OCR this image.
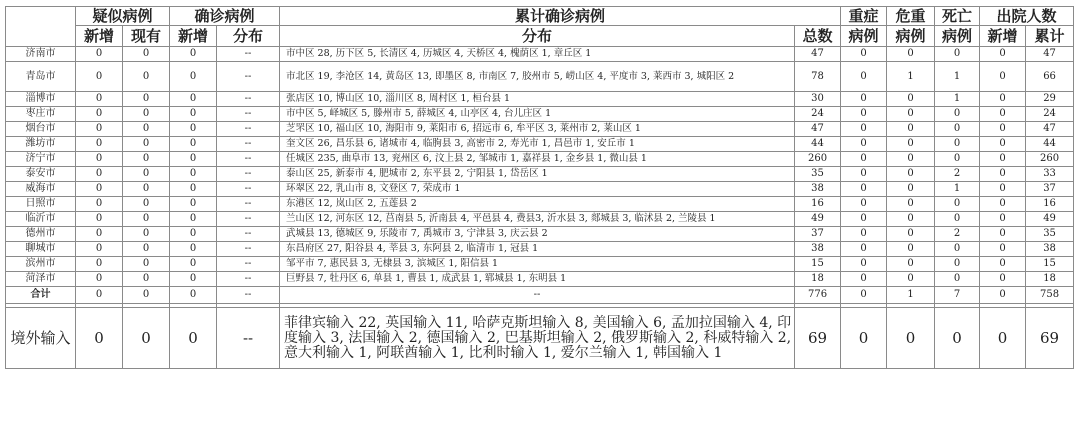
	疑似病例		确诊病例		累计确诊病例		重症	危重	死亡	出院人数	
	新增	现有	新增	分布	分布	总数	病例	病例	病例	新增	累计
济南市	0	0	0	--	市中区 28, 历下区 5, 长清区 4, 历城区 4, 天桥区 4, 槐荫区 1, 章丘区 1	47	0	0	0	0	47
青岛市	0	0	0	--	市北区 19, 李沧区 14, 黄岛区 13, 即墨区 8, 市南区 7, 胶州市 5, 崂山区 4, 平度市 3, 莱西市 3, 城阳区 2	78	0	1	1	0	66
淄博市	0	0	0	--	张店区 10, 博山区 10, 淄川区 8, 周村区 1, 桓台县 1	30	0	0	1	0	29
枣庄市	0	0	0	--	市中区 5, 峄城区 5, 滕州市 5, 薛城区 4, 山亭区 4, 台儿庄区 1	24	0	0	0	0	24
烟台市	0	0	0	--	芝罘区 10, 福山区 10, 海阳市 9, 莱阳市 6, 招远市 6, 牟平区 3, 莱州市 2, 莱山区 1	47	0	0	0	0	47
潍坊市	0	0	0	--	奎文区 26, 昌乐县 6, 诸城市 4, 临朐县 3, 高密市 2, 寿光市 1, 昌邑市 1, 安丘市 1	44	0	0	0	0	44
济宁市	0	0	0	--	任城区 235, 曲阜市 13, 兖州区 6, 汶上县 2, 邹城市 1, 嘉祥县 1, 金乡县 1, 微山县 1	260	0	0	0	0	260
泰安市	0	0	0	--	泰山区 25, 新泰市 4, 肥城市 2, 东平县 2, 宁阳县 1, 岱岳区 1	35	0	0	2	0	33
威海市	0	0	0	--	环翠区 22, 乳山市 8, 文登区 7, 荣成市 1	38	0	0	1	0	37
日照市	0	0	0	--	东港区 12, 岚山区 2, 五莲县 2	16	0	0	0	0	16
临沂市	0	0	0	--	兰山区 12, 河东区 12, 莒南县 5, 沂南县 4, 平邑县 4, 费县3, 沂水县 3, 郯城县 3, 临沭县 2, 兰陵县 1	49	0	0	0	0	49
德州市	0	0	0	--	武城县 13, 德城区 9, 乐陵市 7, 禹城市 3, 宁津县 3, 庆云县 2	37	0	0	2	0	35
聊城市	0	0	0	--	东昌府区 27, 阳谷县 4, 莘县 3, 东阿县 2, 临清市 1, 冠县 1	38	0	0	0	0	38
滨州市	0	0	0	--	邹平市 7, 惠民县 3, 无棣县 3, 滨城区 1, 阳信县 1	15	0	0	0	0	15
菏泽市	0	0	0	--	巨野县 7, 牡丹区 6, 单县 1, 曹县 1, 成武县 1, 郓城县 1, 东明县 1	18	0	0	0	0	18
合计	0	0	0	--	--	776	0	1	7	0	758

境外输入	0	0	0	--	菲律宾输入 22, 英国输入 11, 哈萨克斯坦输入 8, 美国输入 6, 孟加拉国输入 4, 印度输入 3, 法国输入 2, 德国输入 2, 巴基斯坦输入 2, 俄罗斯输入 2, 科威特输入 2, 意大利输入 1, 阿联酋输入 1, 比利时输入 1, 爱尔兰输入 1, 韩国输入 1	69	0	0	0	0	69
